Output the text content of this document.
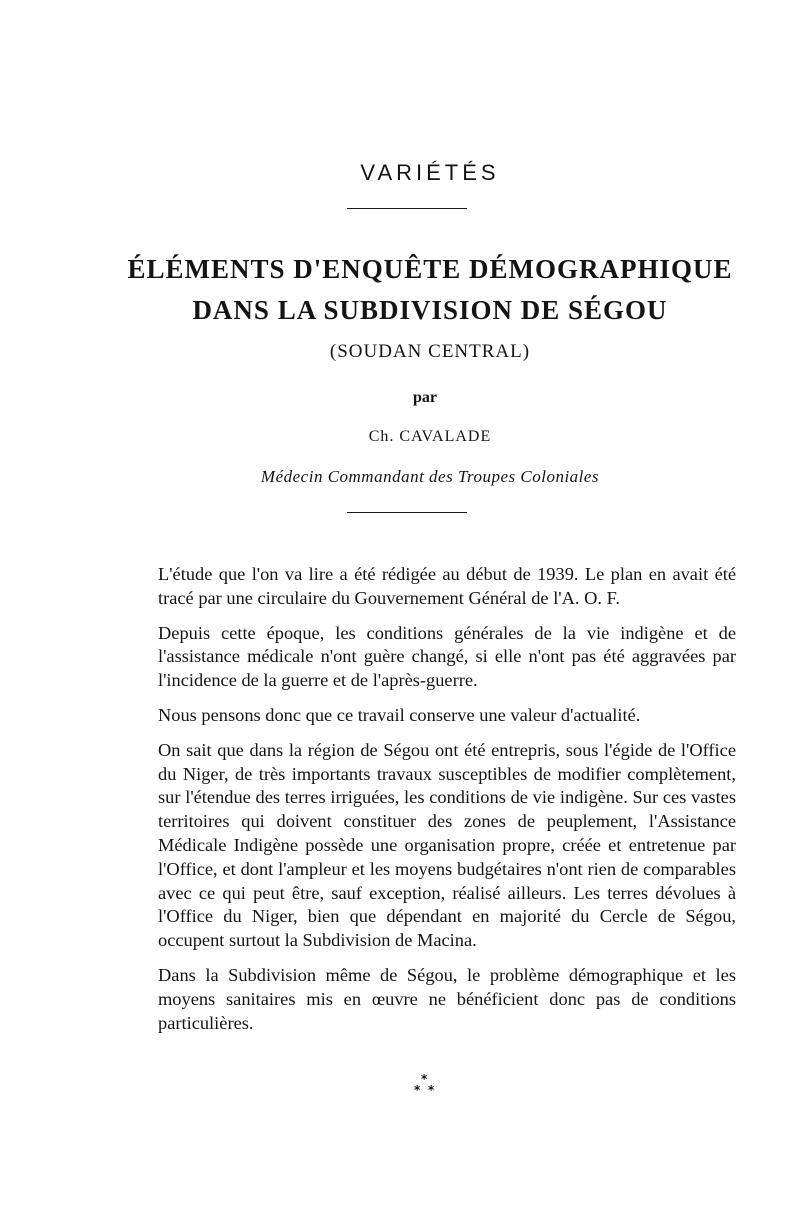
VARIÉTÉS
ÉLÉMENTS D'ENQUÊTE DÉMOGRAPHIQUE
DANS LA SUBDIVISION DE SÉGOU
(SOUDAN CENTRAL)
par
Ch. CAVALADE
Médecin Commandant des Troupes Coloniales

L'étude que l'on va lire a été rédigée au début de 1939. Le plan en avait été tracé par une circulaire du Gouvernement Général de l'A. O. F.

Depuis cette époque, les conditions générales de la vie indigène et de l'assistance médicale n'ont guère changé, si elle n'ont pas été aggravées par l'incidence de la guerre et de l'après-guerre.

Nous pensons donc que ce travail conserve une valeur d'actualité.

On sait que dans la région de Ségou ont été entrepris, sous l'égide de l'Office du Niger, de très importants travaux susceptibles de modifier complètement, sur l'étendue des terres irriguées, les conditions de vie indigène. Sur ces vastes territoires qui doivent constituer des zones de peuplement, l'Assistance Médicale Indigène possède une organisation propre, créée et entretenue par l'Office, et dont l'ampleur et les moyens budgétaires n'ont rien de comparables avec ce qui peut être, sauf exception, réalisé ailleurs. Les terres dévolues à l'Office du Niger, bien que dépendant en majorité du Cercle de Ségou, occupent surtout la Subdivision de Macina.

Dans la Subdivision même de Ségou, le problème démographique et les moyens sanitaires mis en œuvre ne bénéficient donc pas de conditions particulières.

*
* *
